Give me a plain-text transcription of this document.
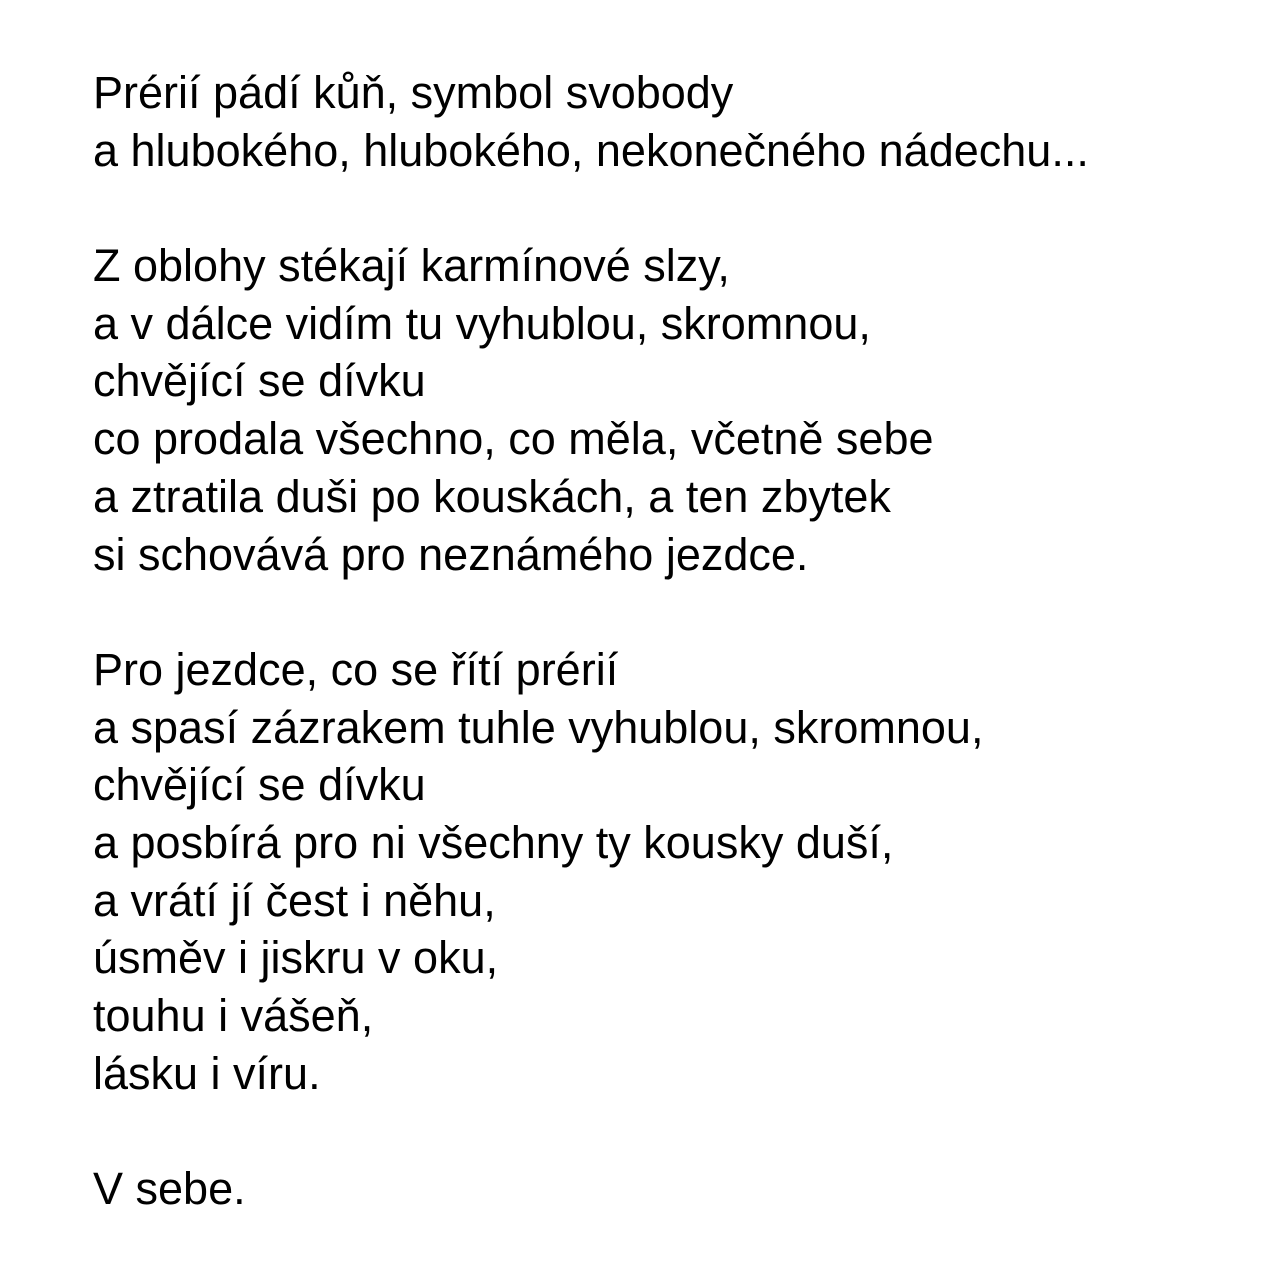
Prérií pádí kůň, symbol svobody
a hlubokého, hlubokého, nekonečného nádechu...
Z oblohy stékají karmínové slzy,
a v dálce vidím tu vyhublou, skromnou,
chvějící se dívku
co prodala všechno, co měla, včetně sebe
a ztratila duši po kouskách, a ten zbytek
si schovává pro neznámého jezdce.
Pro jezdce, co se řítí prérií
a spasí zázrakem tuhle vyhublou, skromnou,
chvějící se dívku
a posbírá pro ni všechny ty kousky duší,
a vrátí jí čest i něhu,
úsměv i jiskru v oku,
touhu i vášeň,
lásku i víru.
V sebe.
